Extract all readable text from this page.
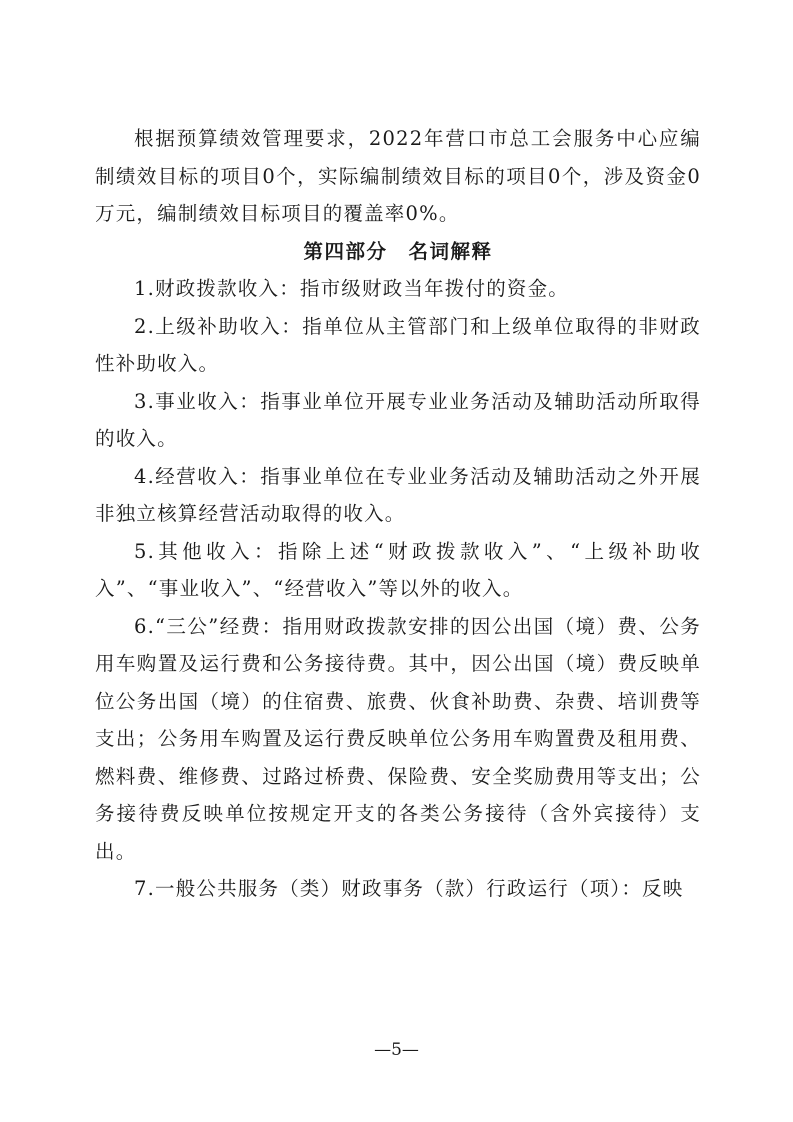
根据预算绩效管理要求，2022年营口市总工会服务中心应编制绩效目标的项目0个，实际编制绩效目标的项目0个，涉及资金0万元，编制绩效目标项目的覆盖率0%。

第四部分　名词解释

1.财政拨款收入：指市级财政当年拨付的资金。

2.上级补助收入：指单位从主管部门和上级单位取得的非财政性补助收入。

3.事业收入：指事业单位开展专业业务活动及辅助活动所取得的收入。

4.经营收入：指事业单位在专业业务活动及辅助活动之外开展非独立核算经营活动取得的收入。

5.其他收入：指除上述“财政拨款收入”、“上级补助收入”、“事业收入”、“经营收入”等以外的收入。

6.“三公”经费：指用财政拨款安排的因公出国（境）费、公务用车购置及运行费和公务接待费。其中，因公出国（境）费反映单位公务出国（境）的住宿费、旅费、伙食补助费、杂费、培训费等支出；公务用车购置及运行费反映单位公务用车购置费及租用费、燃料费、维修费、过路过桥费、保险费、安全奖励费用等支出；公务接待费反映单位按规定开支的各类公务接待（含外宾接待）支出。

7.一般公共服务（类）财政事务（款）行政运行（项）：反映

—5—
